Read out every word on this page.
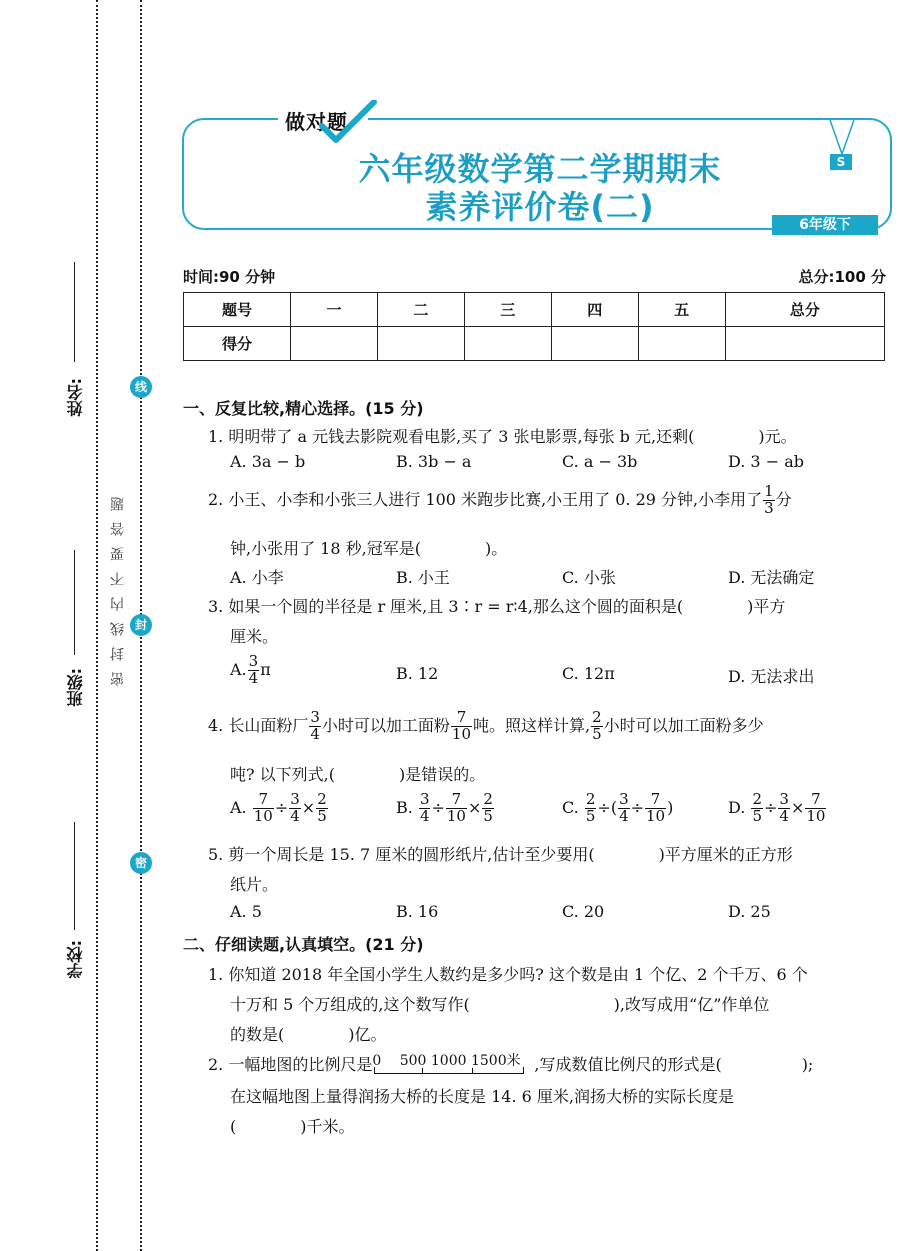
姓名:
班级:
学校:
密封线内不要答题
线
封
密
做对题
S
六年级数学第二学期期末
素养评价卷(二)	6年级下
时间:90 分钟	总分:100 分
题号	一	二	三	四	五	总分
得分						
一、反复比较,精心选择。(15 分)
1. 明明带了 a 元钱去影院观看电影,买了 3 张电影票,每张 b 元,还剩(　　　　)元。
A. 3a − b	B. 3b − a	C. a − 3b	D. 3 − ab
2. 小王、小李和小张三人进行 100 米跑步比赛,小王用了 0. 29 分钟,小李用了 $\frac{1}{3}$ 分
钟,小张用了 18 秒,冠军是(　　　　)。
A. 小李	B. 小王	C. 小张	D. 无法确定
3. 如果一个圆的半径是 r 厘米,且 3∶r = r∶4,那么这个圆的面积是(　　　　)平方
厘米。
A. $\frac{3}{4}$ π	B. 12	C. 12π	D. 无法求出
4. 长山面粉厂 $\frac{3}{4}$ 小时可以加工面粉 $\frac{7}{10}$ 吨。照这样计算, $\frac{2}{5}$ 小时可以加工面粉多少
吨? 以下列式,(　　　　)是错误的。
A. $\frac{7}{10} \div \frac{3}{4} \times \frac{2}{5}$	B. $\frac{3}{4} \div \frac{7}{10} \times \frac{2}{5}$	C. $\frac{2}{5}$ ÷( $\frac{3}{4} \div \frac{7}{10}$ )	D. $\frac{2}{5} \div \frac{3}{4} \times \frac{7}{10}$
5. 剪一个周长是 15. 7 厘米的圆形纸片,估计至少要用(　　　　)平方厘米的正方形
纸片。
A. 5	B. 16	C. 20	D. 25
二、仔细读题,认真填空。(21 分)
1. 你知道 2018 年全国小学生人数约是多少吗? 这个数是由 1 个亿、2 个千万、6 个
十万和 5 个万组成的,这个数写作(　　　　　　　　　),改写成用“亿”作单位
的数是(　　　　)亿。
2. 一幅地图的比例尺是 0　 500 1000 1500米 ,写成数值比例尺的形式是(　　　　　);
在这幅地图上量得润扬大桥的长度是 14. 6 厘米,润扬大桥的实际长度是
(　　　　)千米。
